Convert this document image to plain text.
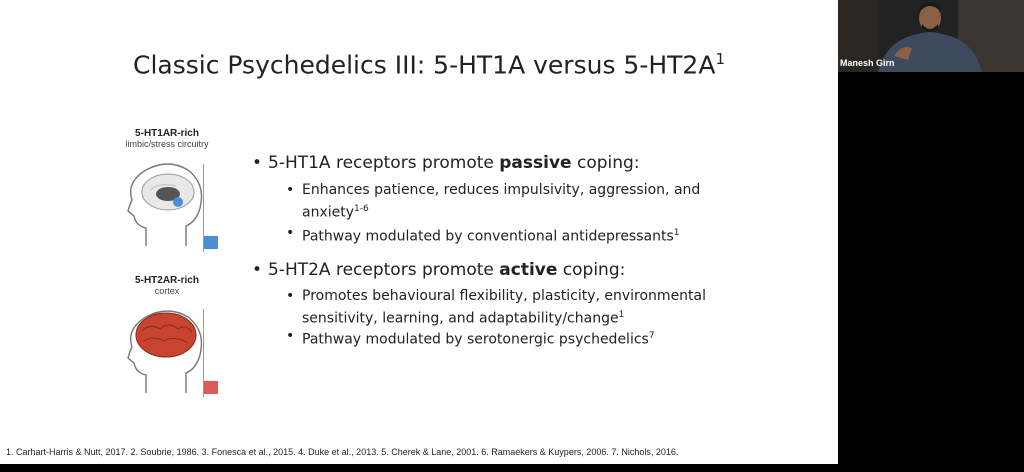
Classic Psychedelics III: 5-HT1A versus $5-HT2A^1$
5-HT1AR-rich
limbic/stress circuitry
5-HT2AR-rich
cortex
• 5-HT1A receptors promote passive coping:
• Enhances patience, reduces impulsivity, aggression, and anxiety$^{1-6}$
• Pathway modulated by conventional antidepressants$^1$
• 5-HT2A receptors promote active coping:
• Promotes behavioural flexibility, plasticity, environmental sensitivity, learning, and adaptability/change$^1$
• Pathway modulated by serotonergic psychedelics$^7$
1. Carhart-Harris & Nutt, 2017. 2. Soubrie, 1986. 3. Fonesca et al., 2015. 4. Duke et al., 2013. 5. Cherek & Lane, 2001. 6. Ramaekers & Kuypers, 2006. 7. Nichols, 2016.
Manesh Girn
